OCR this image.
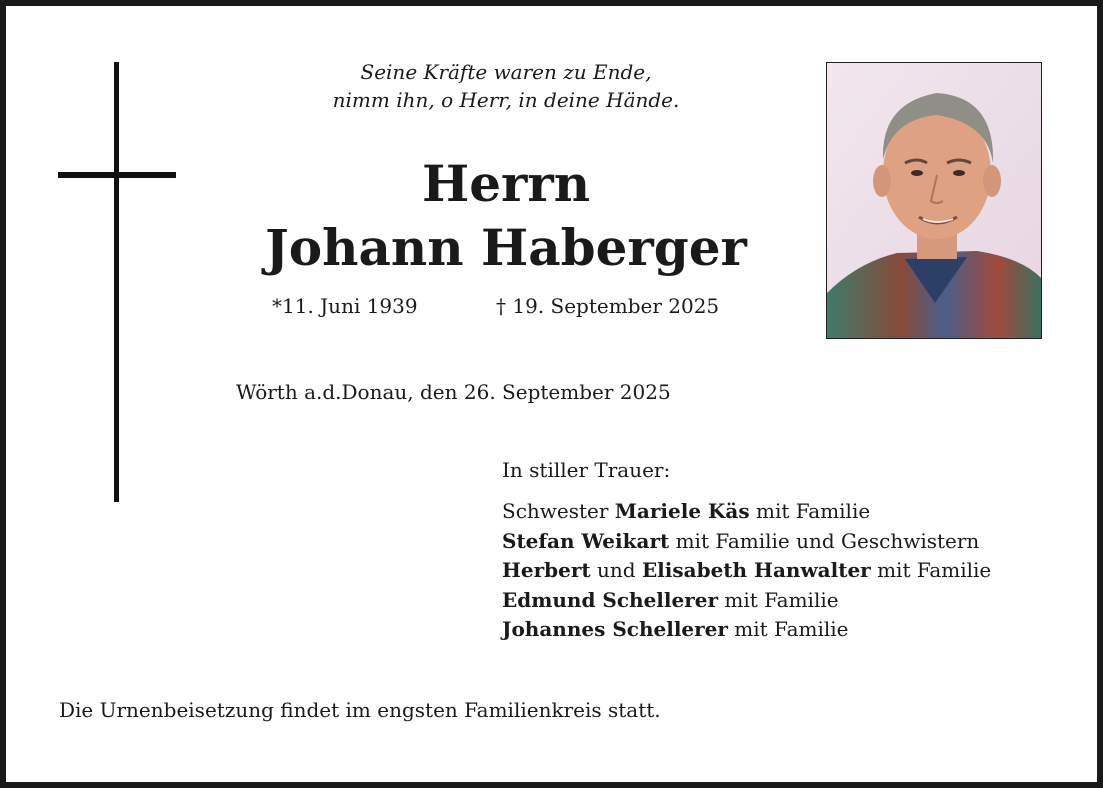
Seine Kräfte waren zu Ende,
nimm ihn, o Herr, in deine Hände.
Herrn
Johann Haberger
*11. Juni 1939	† 19. September 2025
Wörth a.d.Donau, den 26. September 2025
In stiller Trauer:
Schwester Mariele Käs mit Familie
Stefan Weikart mit Familie und Geschwistern
Herbert und Elisabeth Hanwalter mit Familie
Edmund Schellerer mit Familie
Johannes Schellerer mit Familie
Die Urnenbeisetzung findet im engsten Familienkreis statt.
